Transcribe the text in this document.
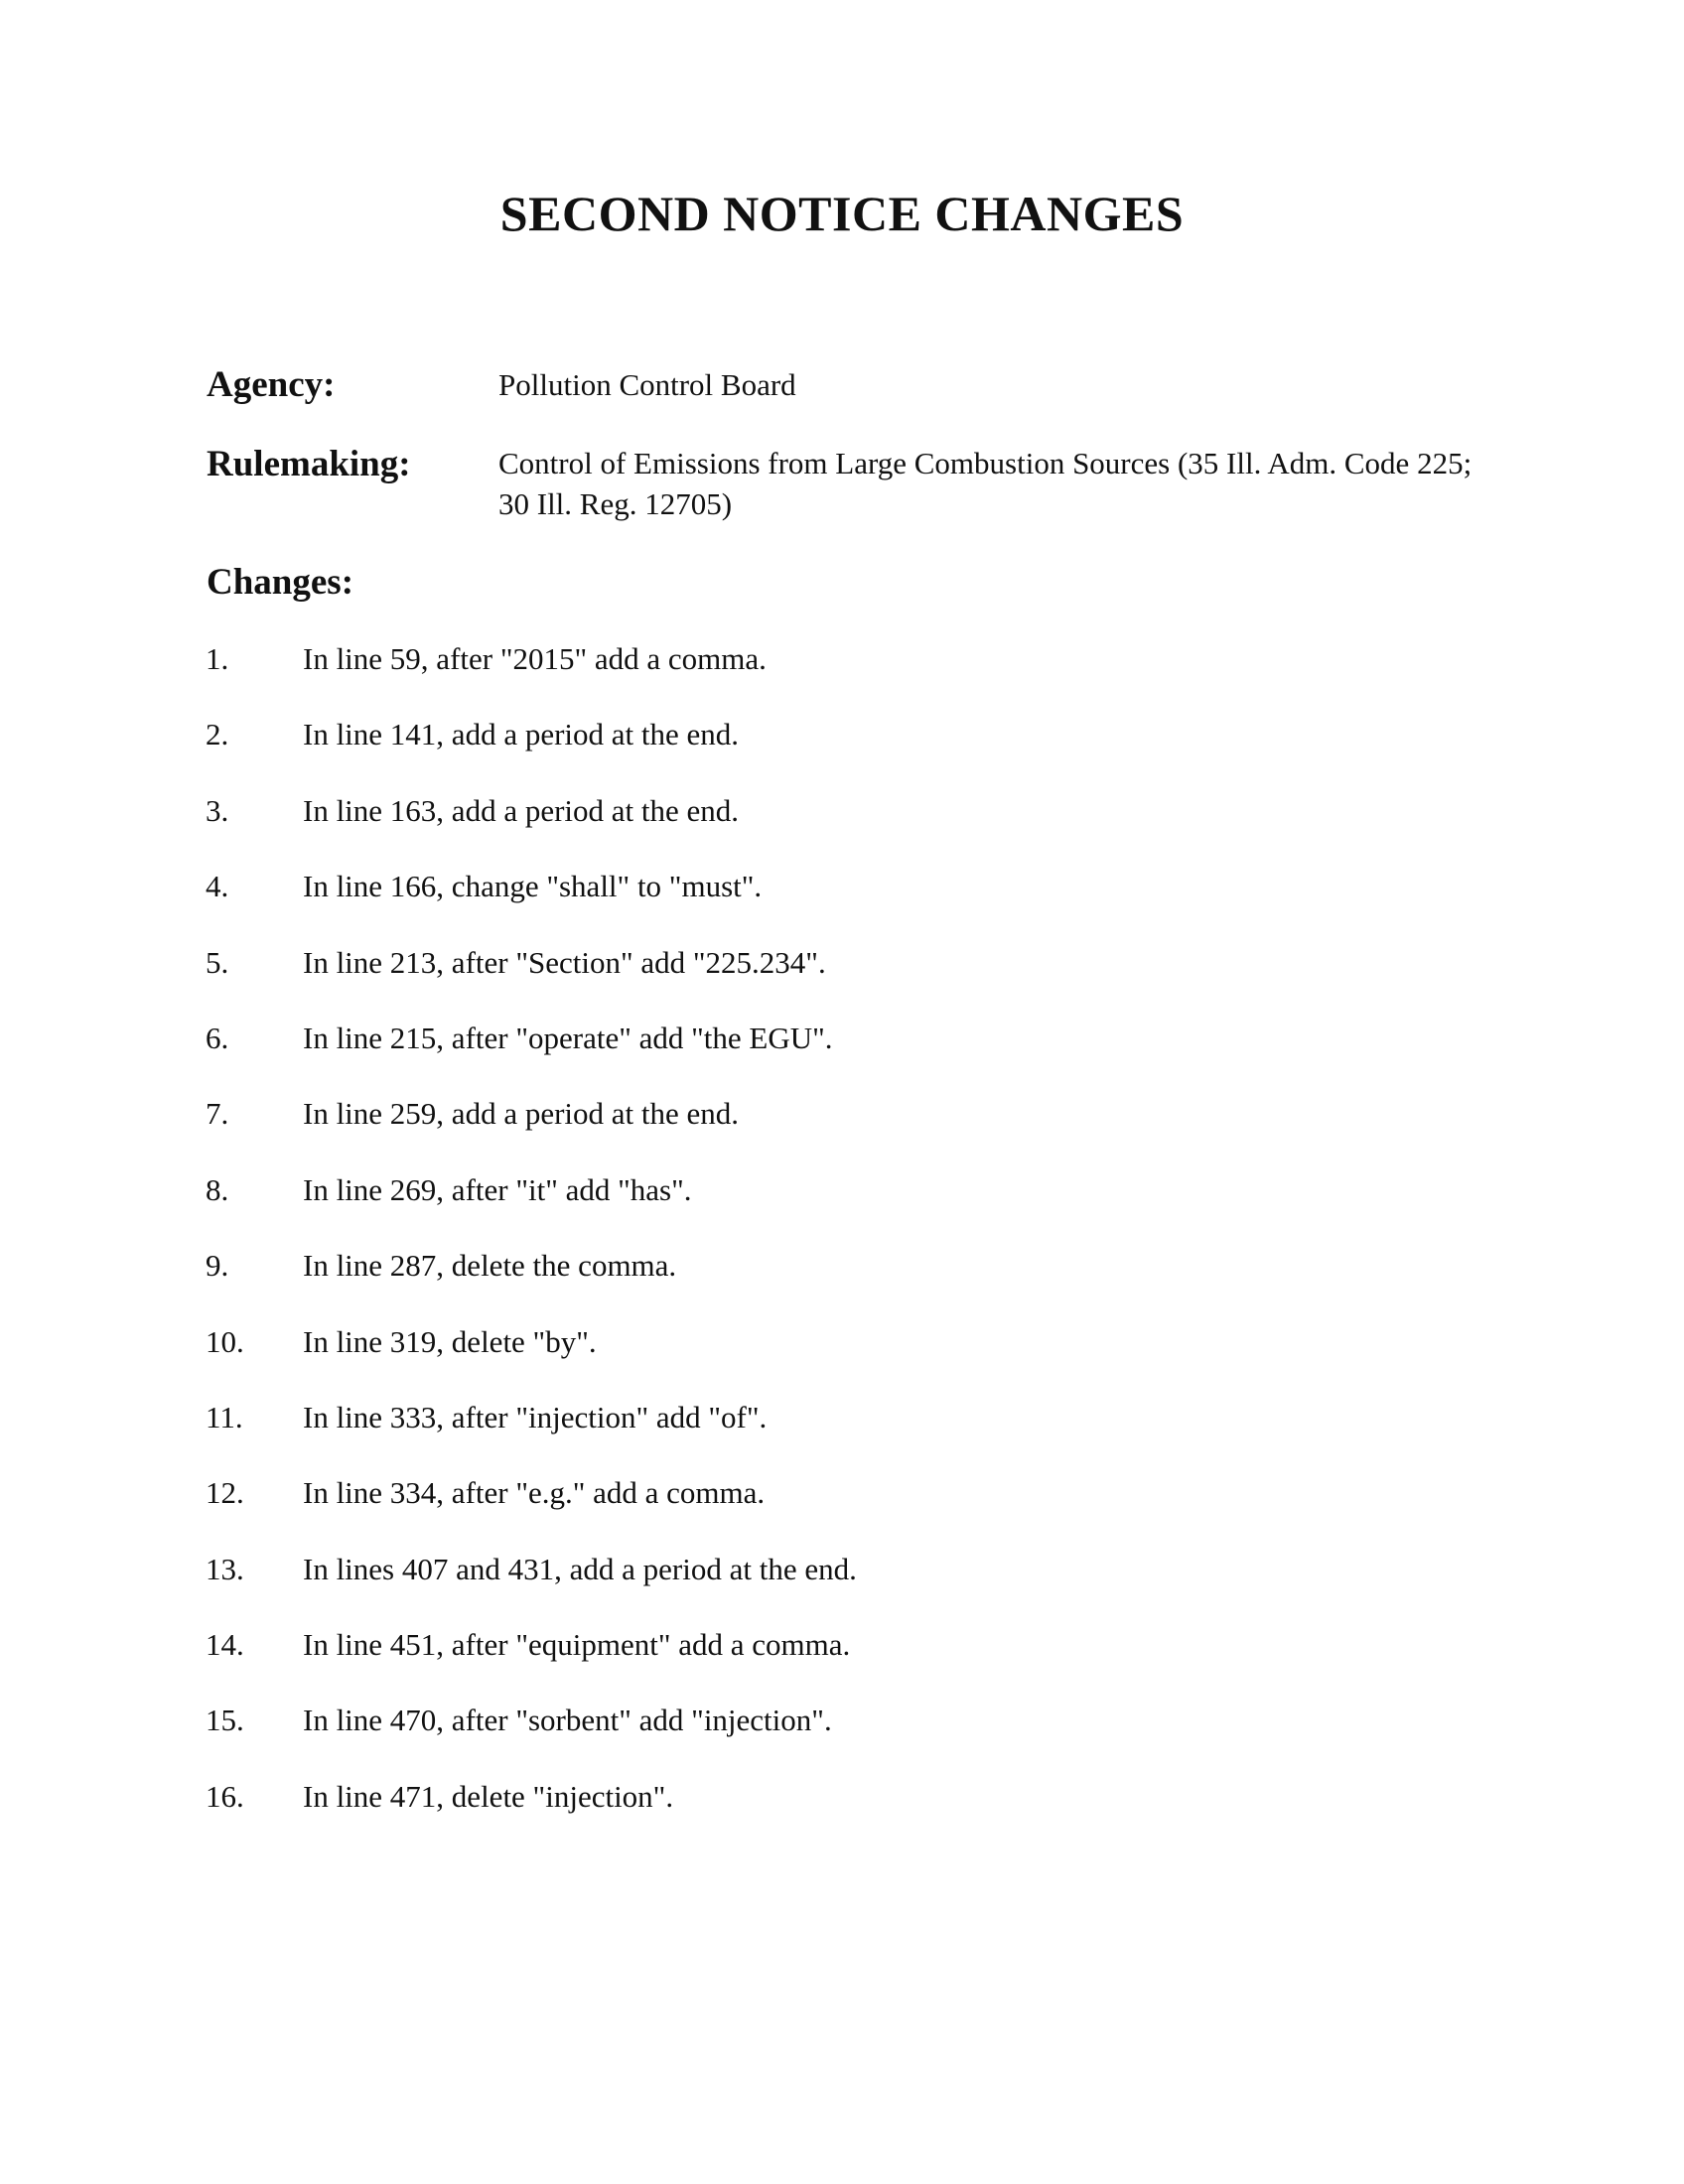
SECOND NOTICE CHANGES
Agency:	Pollution Control Board
Rulemaking:	Control of Emissions from Large Combustion Sources (35 Ill. Adm. Code 225; 30 Ill. Reg. 12705)
Changes:
1. In line 59, after "2015" add a comma.
2. In line 141, add a period at the end.
3. In line 163, add a period at the end.
4. In line 166, change "shall" to "must".
5. In line 213, after "Section" add "225.234".
6. In line 215, after "operate" add "the EGU".
7. In line 259, add a period at the end.
8. In line 269, after "it" add "has".
9. In line 287, delete the comma.
10. In line 319, delete "by".
11. In line 333, after "injection" add "of".
12. In line 334, after "e.g." add a comma.
13. In lines 407 and 431, add a period at the end.
14. In line 451, after "equipment" add a comma.
15. In line 470, after "sorbent" add "injection".
16. In line 471, delete "injection".
